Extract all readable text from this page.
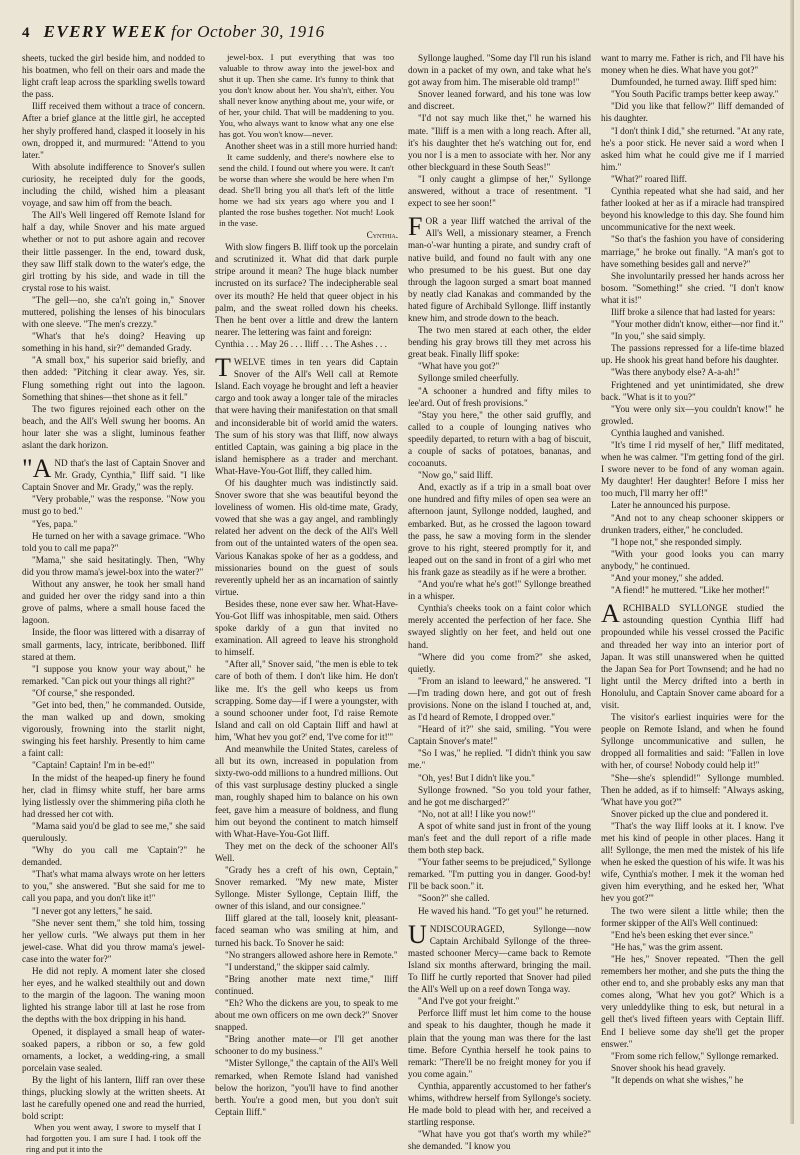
4 EVERY WEEK for October 30, 1916

sheets, tucked the girl beside him, and nodded to his boatmen, who fell on their oars and made the light craft leap across the sparkling swells toward the pass.

Iliff received them without a trace of concern. After a brief glance at the little girl, he accepted her shyly proffered hand, clasped it loosely in his own, dropped it, and murmured: "Attend to you later."

With absolute indifference to Snover's sullen curiosity, he receipted duly for the goods, including the child, wished him a pleasant voyage, and saw him off from the beach.

The All's Well lingered off Remote Island for half a day, while Snover and his mate argued whether or not to put ashore again and recover their little passenger. In the end, toward dusk, they saw Iliff stalk down to the water's edge, the girl trotting by his side, and wade in till the crystal rose to his waist.

"The gell—no, she ca'n't going in," Snover muttered, polishing the lenses of his binoculars with one sleeve. "The men's crezzy."

"What's that he's doing? Heaving up something in his hand, sir?" demanded Grady.

"A small box," his superior said briefly, and then added: "Pitching it clear away. Yes, sir. Flung something right out into the lagoon. Something that shines—thet shone as it fell."

The two figures rejoined each other on the beach, and the All's Well swung her booms. An hour later she was a slight, luminous feather aslant the dark horizon.

"AND that's the last of Captain Snover and Mr. Grady, Cynthia," Iliff said. "I like Captain Snover and Mr. Grady," was the reply.

"Very probable," was the response. "Now you must go to bed."

"Yes, papa."

He turned on her with a savage grimace. "Who told you to call me papa?"

"Mama," she said hesitatingly. Then, "Why did you throw mama's jewel-box into the water?"

Without any answer, he took her small hand and guided her over the ridgy sand into a thin grove of palms, where a small house faced the lagoon.

Inside, the floor was littered with a disarray of small garments, lacy, intricate, beribboned. Iliff stared at them.

"I suppose you know your way about," he remarked. "Can pick out your things all right?"

"Of course," she responded.

"Get into bed, then," he commanded. Outside, the man walked up and down, smoking vigorously, frowning into the starlit night, swinging his feet harshly. Presently to him came a faint call:

"Captain! Captain! I'm in be-ed!"

In the midst of the heaped-up finery he found her, clad in flimsy white stuff, her bare arms lying listlessly over the shimmering piña cloth he had dressed her cot with.

"Mama said you'd be glad to see me," she said querulously.

"Why do you call me 'Captain'?" he demanded.

"That's what mama always wrote on her letters to you," she answered. "But she said for me to call you papa, and you don't like it!"

"I never got any letters," he said.

"She never sent them," she told him, tossing her yellow curls. "We always put them in her jewel-case. What did you throw mama's jewel-case into the water for?"

He did not reply. A moment later she closed her eyes, and he walked stealthily out and down to the margin of the lagoon. The waning moon lighted his strange labor till at last he rose from the depths with the box dripping in his hand.

Opened, it displayed a small heap of water-soaked papers, a ribbon or so, a few gold ornaments, a locket, a wedding-ring, a small porcelain vase sealed.

By the light of his lantern, Iliff ran over these things, plucking slowly at the written sheets. At last he carefully opened one and read the hurried, bold script:

When you went away, I swore to myself that I had forgotten you. I am sure I had. I took off the ring and put it into the

jewel-box. I put everything that was too valuable to throw away into the jewel-box and shut it up. Then she came. It's funny to think that you don't know about her. You sha'n't, either. You shall never know anything about me, your wife, or of her, your child. That will be maddening to you. You, who always want to know what any one else has got. You won't know—never.

Another sheet was in a still more hurried hand:

It came suddenly, and there's nowhere else to send the child. I found out where you were. It can't be worse than where she would be here when I'm dead. She'll bring you all that's left of the little home we had six years ago where you and I planted the rose bushes together. Not much! Look in the vase.

Cynthia.

With slow fingers B. Iliff took up the porcelain and scrutinized it. What did that dark purple stripe around it mean? The huge black number incrusted on its surface? The indecipherable seal over its mouth? He held that queer object in his palm, and the sweat rolled down his cheeks. Then he bent over a little and drew the lantern nearer. The lettering was faint and foreign:

Cynthia . . . May 26 . . . Iliff . . . The Ashes . . .

TWELVE times in ten years did Captain Snover of the All's Well call at Remote Island. Each voyage he brought and left a heavier cargo and took away a longer tale of the miracles that were having their manifestation on that small and inconsiderable bit of world amid the waters. The sum of his story was that Iliff, now always entitled Captain, was gaining a big place in the island hemisphere as a trader and merchant. What-Have-You-Got Iliff, they called him.

Of his daughter much was indistinctly said. Snover swore that she was beautiful beyond the loveliness of women. His old-time mate, Grady, vowed that she was a gay angel, and ramblingly related her advent on the deck of the All's Well from out of the untainted waters of the open sea. Various Kanakas spoke of her as a goddess, and missionaries bound on the guest of souls reverently upheld her as an incarnation of saintly virtue.

Besides these, none ever saw her. What-Have-You-Got Iliff was inhospitable, men said. Others spoke darkly of a gun that invited no examination. All agreed to leave his stronghold to himself.

"After all," Snover said, "the men is eble to tek care of both of them. I don't like him. He don't like me. It's the gell who keeps us from scrapping. Some day—if I were a youngster, with a sound schooner under foot, I'd raise Remote Island and call on old Captain Iliff and hawl at him, 'What hev you got?' end, 'I've come for it!'"

And meanwhile the United States, careless of all but its own, increased in population from sixty-two-odd millions to a hundred millions. Out of this vast surplusage destiny plucked a single man, roughly shaped him to balance on his own feet, gave him a measure of boldness, and flung him out beyond the continent to match himself with What-Have-You-Got Iliff.

They met on the deck of the schooner All's Well.

"Grady hes a creft of his own, Ceptain," Snover remarked. "My new mate, Mister Syllonge. Mister Syllonge, Ceptain Iliff, the owner of this island, and our consignee."

Iliff glared at the tall, loosely knit, pleasant-faced seaman who was smiling at him, and turned his back. To Snover he said:

"No strangers allowed ashore here in Remote."

"I understand," the skipper said calmly.

"Bring another mate next time," Iliff continued.

"Eh? Who the dickens are you, to speak to me about me own officers on me own deck?" Snover snapped.

"Bring another mate—or I'll get another schooner to do my business."

"Mister Syllonge," the captain of the All's Well remarked, when Remote Island had vanished below the horizon, "you'll have to find another berth. You're a good men, but you don't suit Ceptain Iliff."

Syllonge laughed. "Some day I'll run his island down in a packet of my own, and take what he's got away from him. The miserable old tramp!"

Snover leaned forward, and his tone was low and discreet.

"I'd not say much like thet," he warned his mate. "Iliff is a men with a long reach. After all, it's his daughter thet he's watching out for, end you nor I is a men to associate with her. Nor any other bleckguard in these South Seas!"

"I only caught a glimpse of her," Syllonge answered, without a trace of resentment. "I expect to see her soon!"

FOR a year Iliff watched the arrival of the All's Well, a missionary steamer, a French man-o'-war hunting a pirate, and sundry craft of native build, and found no fault with any one who presumed to be his guest. But one day through the lagoon surged a smart boat manned by neatly clad Kanakas and commanded by the hated figure of Archibald Syllonge. Iliff instantly knew him, and strode down to the beach.

The two men stared at each other, the elder bending his gray brows till they met across his great beak. Finally Iliff spoke:

"What have you got?"

Syllonge smiled cheerfully.

"A schooner a hundred and fifty miles to lee'ard. Out of fresh provisions."

"Stay you here," the other said gruffly, and called to a couple of lounging natives who speedily departed, to return with a bag of biscuit, a couple of sacks of potatoes, bananas, and cocoanuts.

"Now go," said Iliff.

And, exactly as if a trip in a small boat over one hundred and fifty miles of open sea were an afternoon jaunt, Syllonge nodded, laughed, and embarked. But, as he crossed the lagoon toward the pass, he saw a moving form in the slender grove to his right, steered promptly for it, and leaped out on the sand in front of a girl who met his frank gaze as steadily as if he were a brother.

"And you're what he's got!" Syllonge breathed in a whisper.

Cynthia's cheeks took on a faint color which merely accented the perfection of her face. She swayed slightly on her feet, and held out one hand.

"Where did you come from?" she asked, quietly.

"From an island to leeward," he answered. "I—I'm trading down here, and got out of fresh provisions. None on the island I touched at, and, as I'd heard of Remote, I dropped over."

"Heard of it?" she said, smiling. "You were Captain Snover's mate!"

"So I was," he replied. "I didn't think you saw me."

"Oh, yes! But I didn't like you."

Syllonge frowned. "So you told your father, and he got me discharged?"

"No, not at all! I like you now!"

A spot of white sand just in front of the young man's feet and the dull report of a rifle made them both step back.

"Your father seems to be prejudiced," Syllonge remarked. "I'm putting you in danger. Good-by! I'll be back soon." it.

"Soon?" she called.

He waved his hand. "To get you!" he returned.

UNDISCOURAGED, Syllonge—now Captain Archibald Syllonge of the three-masted schooner Mercy—came back to Remote Island six months afterward, bringing the mail. To Iliff he curtly reported that Snover had piled the All's Well up on a reef down Tonga way.

"And I've got your freight."

Perforce Iliff must let him come to the house and speak to his daughter, though he made it plain that the young man was there for the last time. Before Cynthia herself he took pains to remark: "There'll be no freight money for you if you come again."

Cynthia, apparently accustomed to her father's whims, withdrew herself from Syllonge's society. He made bold to plead with her, and received a startling response.

"What have you got that's worth my while?" she demanded. "I know you

want to marry me. Father is rich, and I'll have his money when he dies. What have you got?"

Dumfounded, he turned away. Iliff sped him:

"You South Pacific tramps better keep away."

"Did you like that fellow?" Iliff demanded of his daughter.

"I don't think I did," she returned. "At any rate, he's a poor stick. He never said a word when I asked him what he could give me if I married him."

"What?" roared Iliff.

Cynthia repeated what she had said, and her father looked at her as if a miracle had transpired beyond his knowledge to this day. She found him uncommunicative for the next week.

"So that's the fashion you have of considering marriage," he broke out finally. "A man's got to have something besides gall and nerve?"

She involuntarily pressed her hands across her bosom. "Something!" she cried. "I don't know what it is!"

Iliff broke a silence that had lasted for years:

"Your mother didn't know, either—nor find it."

"In you," she said simply.

The passions repressed for a life-time blazed up. He shook his great hand before his daughter.

"Was there anybody else? A-a-ah!"

Frightened and yet unintimidated, she drew back. "What is it to you?"

"You were only six—you couldn't know!" he growled.

Cynthia laughed and vanished.

"It's time I rid myself of her," Iliff meditated, when he was calmer. "I'm getting fond of the girl. I swore never to be fond of any woman again. My daughter! Her daughter! Before I miss her too much, I'll marry her off!"

Later he announced his purpose.

"And not to any cheap schooner skippers or drunken traders, either," he concluded.

"I hope not," she responded simply.

"With your good looks you can marry anybody," he continued.

"And your money," she added.

"A fiend!" he muttered. "Like her mother!"

ARCHIBALD SYLLONGE studied the astounding question Cynthia Iliff had propounded while his vessel crossed the Pacific and threaded her way into an interior port of Japan. It was still unanswered when he quitted the Japan Sea for Port Townsend; and he had no light until the Mercy drifted into a berth in Honolulu, and Captain Snover came aboard for a visit.

The visitor's earliest inquiries were for the people on Remote Island, and when he found Syllonge uncommunicative and sullen, he dropped all formalities and said: "Fallen in love with her, of course! Nobody could help it!"

"She—she's splendid!" Syllonge mumbled. Then he added, as if to himself: "Always asking, 'What have you got?'"

Snover picked up the clue and pondered it.

"That's the way Iliff looks at it. I know. I've met his kind of people in other places. Hang it all! Syllonge, the men med the mistek of his life when he esked the question of his wife. It was his wife, Cynthia's mother. I mek it the woman hed given him everything, and he esked her, 'What hev you got?'"

The two were silent a little while; then the former skipper of the All's Well continued:

"End he's been esking thet ever since."

"He has," was the grim assent.

"He hes," Snover repeated. "Then the gell remembers her mother, and she puts the thing the other end to, and she probably esks any man that comes along, 'What hev you got?' Which is a very unleddylike thing to esk, but netural in a gell thet's lived fifteen years with Ceptain Iliff. End I believe some day she'll get the proper enswer."

"From some rich fellow," Syllonge remarked.

Snover shook his head gravely.

"It depends on what she wishes," he
